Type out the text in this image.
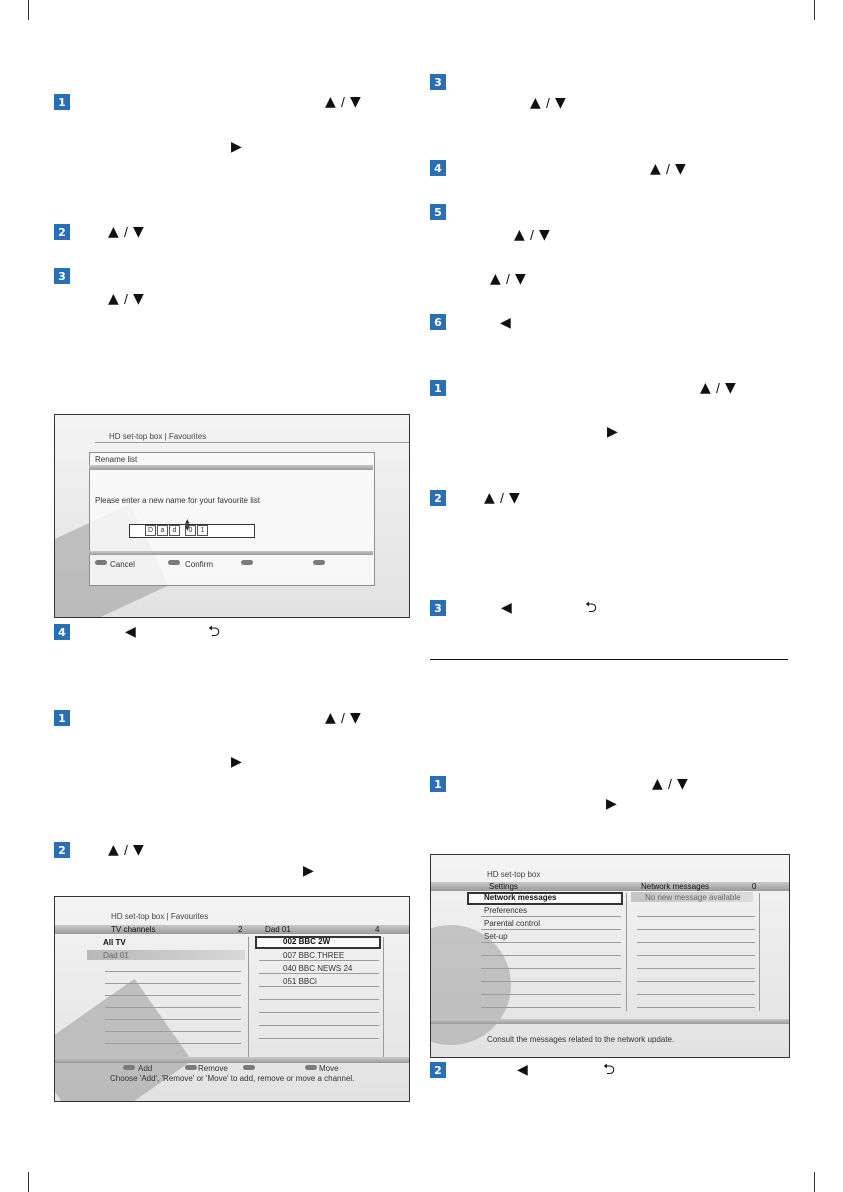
1	▲ / ▼
▶
2	▲ / ▼
3
▲ / ▼
HD set-top box | Favourites
Rename list
Please enter a new name for your favourite list
D	a	d	0	1
▲
▼
Cancel	Confirm
4	◀	⮌
1	▲ / ▼
▶
2	▲ / ▼
▶
HD set-top box | Favourites
TV channels	2	Dad 01	4
All TV
Dad 01
002 BBC 2W
007 BBC THREE
040 BBC NEWS 24
051 BBCi
Add	Remove	Move
Choose 'Add', 'Remove' or 'Move' to add, remove or move a channel.
3
▲ / ▼
4	▲ / ▼
5
▲ / ▼
▲ / ▼
6	◀
1	▲ / ▼
▶
2	▲ / ▼
3	◀	⮌
1	▲ / ▼
▶
HD set-top box
Settings	Network messages	0
Network messages
Preferences
Parental control
Set-up
No new message available
Consult the messages related to the network update.
2	◀	⮌
